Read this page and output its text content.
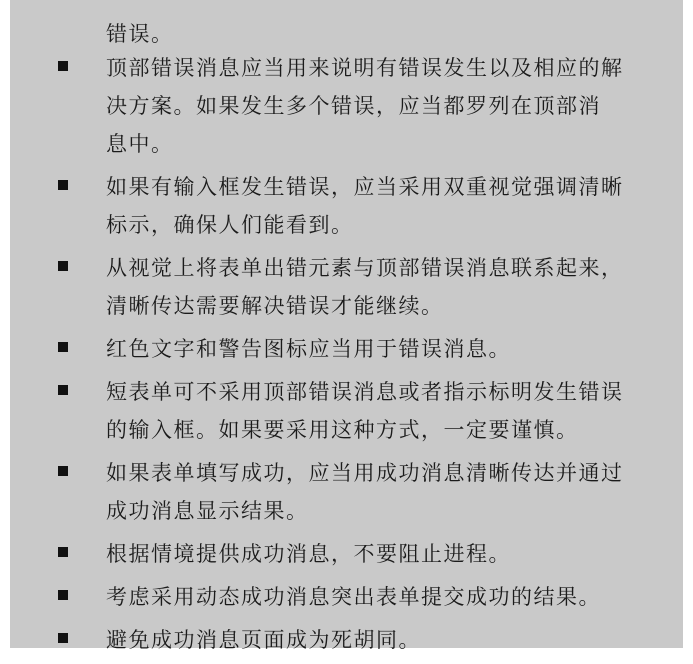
错误。
顶部错误消息应当用来说明有错误发生以及相应的解
决方案。如果发生多个错误，应当都罗列在顶部消
息中。
如果有输入框发生错误，应当采用双重视觉强调清晰
标示，确保人们能看到。
从视觉上将表单出错元素与顶部错误消息联系起来，
清晰传达需要解决错误才能继续。
红色文字和警告图标应当用于错误消息。
短表单可不采用顶部错误消息或者指示标明发生错误
的输入框。如果要采用这种方式，一定要谨慎。
如果表单填写成功，应当用成功消息清晰传达并通过
成功消息显示结果。
根据情境提供成功消息，不要阻止进程。
考虑采用动态成功消息突出表单提交成功的结果。
避免成功消息页面成为死胡同。
